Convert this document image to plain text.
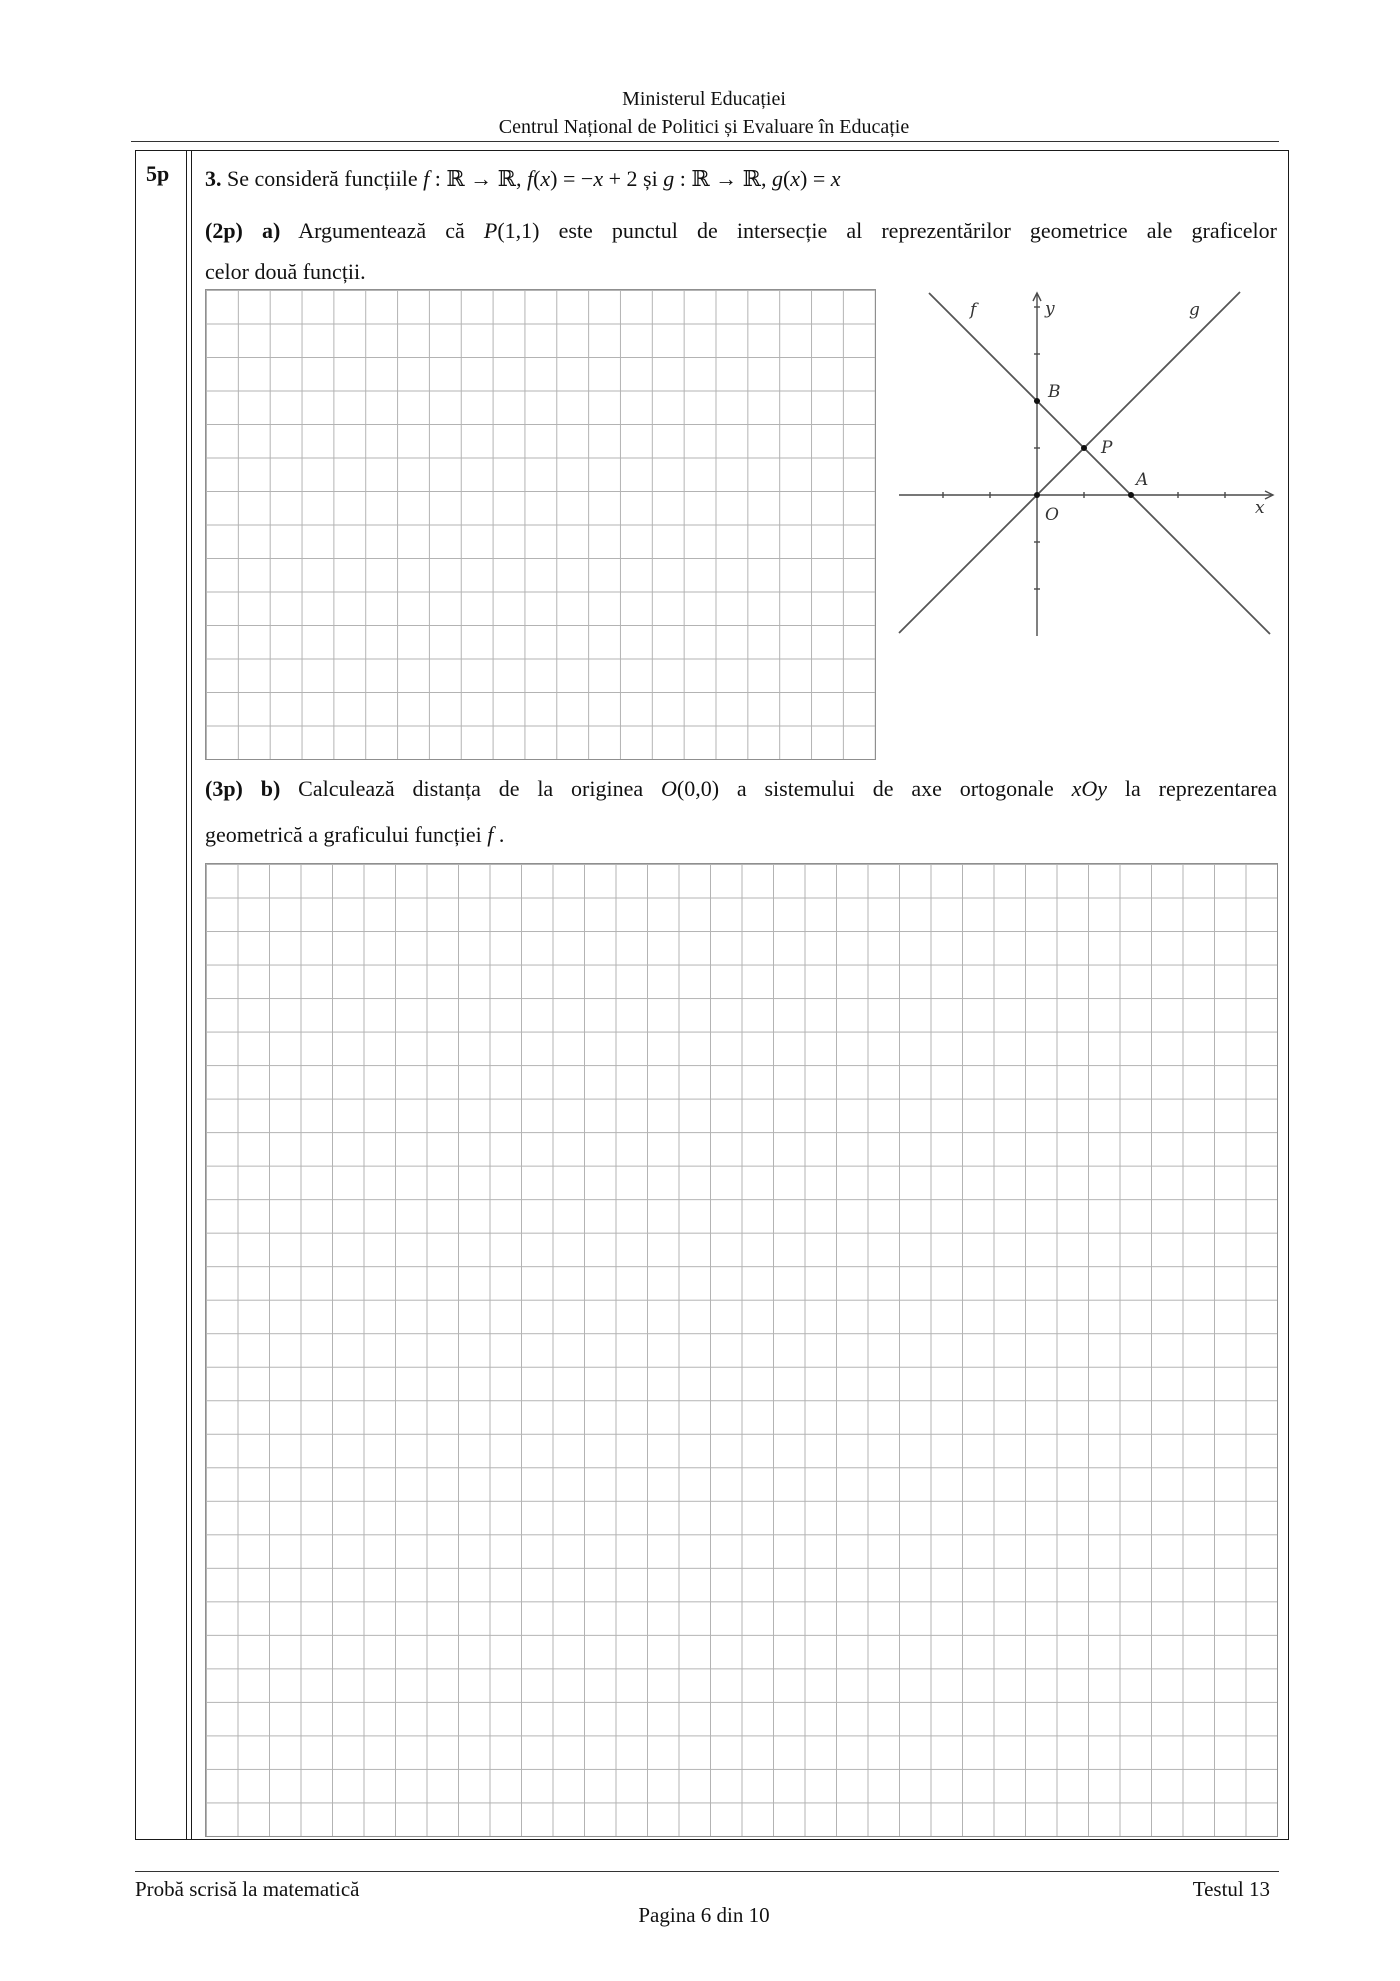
Ministerul Educației
Centrul Național de Politici și Evaluare în Educație
5p 3. Se consideră funcțiile f : ℝ → ℝ, f(x) = −x + 2 și g : ℝ → ℝ, g(x) = x
(2p) a) Argumentează că P(1,1) este punctul de intersecție al reprezentărilor geometrice ale graficelor
celor două funcții.
f	y	g
B
P
A
O	x
(3p) b) Calculează distanța de la originea O(0,0) a sistemului de axe ortogonale xOy la reprezentarea
geometrică a graficului funcției f .
Probă scrisă la matematică	Testul 13
Pagina 6 din 10
